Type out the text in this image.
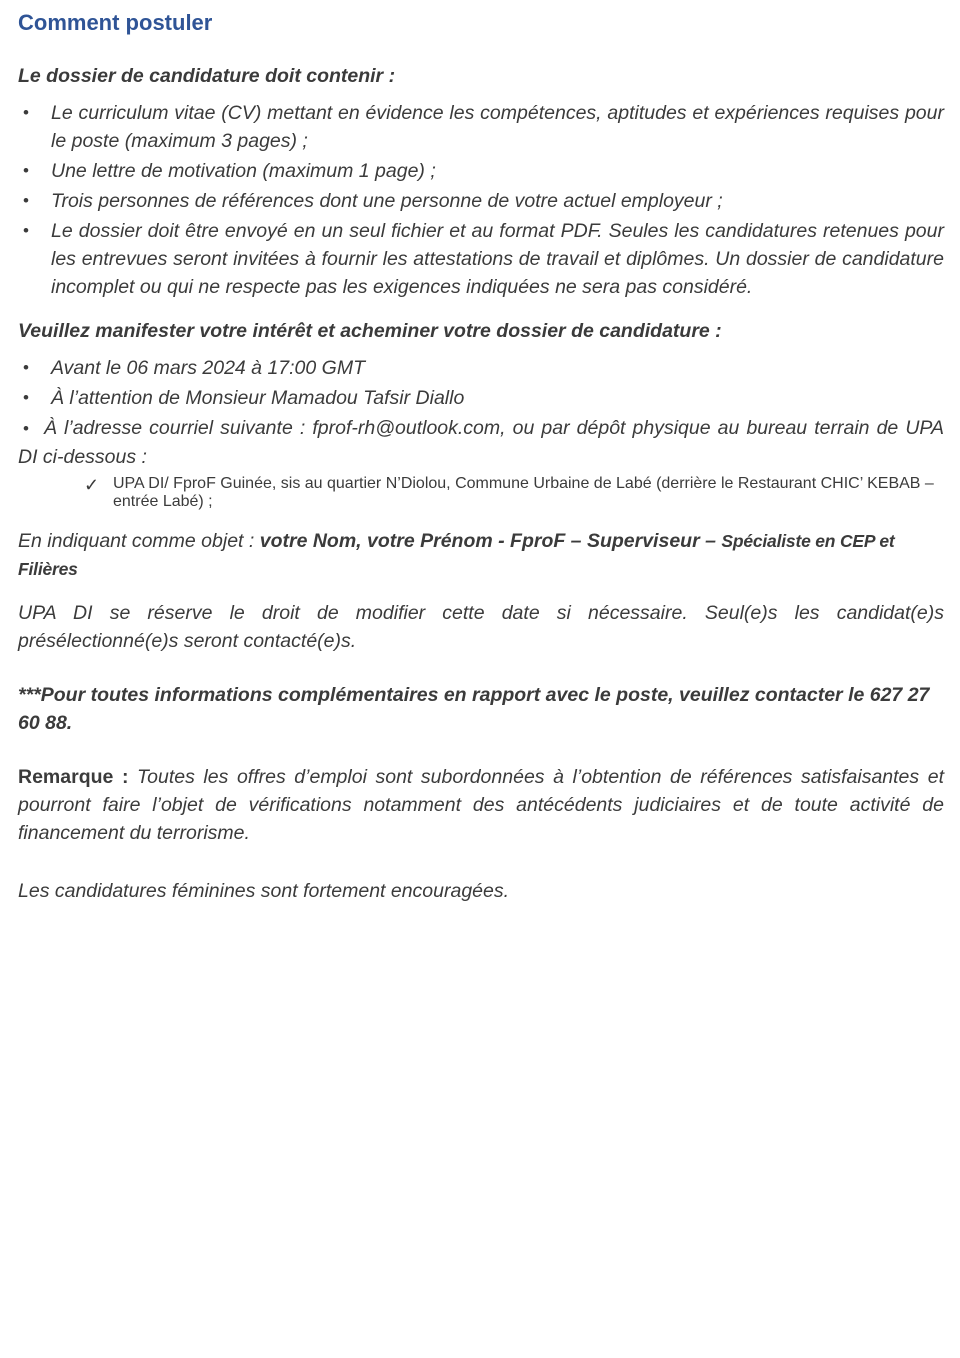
Comment postuler

Le dossier de candidature doit contenir :

• Le curriculum vitae (CV) mettant en évidence les compétences, aptitudes et expériences requises pour le poste (maximum 3 pages) ;
• Une lettre de motivation (maximum 1 page) ;
• Trois personnes de références dont une personne de votre actuel employeur ;
• Le dossier doit être envoyé en un seul fichier et au format PDF. Seules les candidatures retenues pour les entrevues seront invitées à fournir les attestations de travail et diplômes. Un dossier de candidature incomplet ou qui ne respecte pas les exigences indiquées ne sera pas considéré.

Veuillez manifester votre intérêt et acheminer votre dossier de candidature :

• Avant le 06 mars 2024 à 17:00 GMT
• À l’attention de Monsieur Mamadou Tafsir Diallo
• À l’adresse courriel suivante : fprof-rh@outlook.com, ou par dépôt physique au bureau terrain de UPA DI ci-dessous :
✓ UPA DI/ FproF Guinée, sis au quartier N’Diolou, Commune Urbaine de Labé (derrière le Restaurant CHIC’ KEBAB – entrée Labé) ;

En indiquant comme objet : votre Nom, votre Prénom - FproF – Superviseur – Spécialiste en CEP et Filières

UPA DI se réserve le droit de modifier cette date si nécessaire. Seul(e)s les candidat(e)s présélectionné(e)s seront contacté(e)s.

***Pour toutes informations complémentaires en rapport avec le poste, veuillez contacter le 627 27 60 88.

Remarque : Toutes les offres d’emploi sont subordonnées à l’obtention de références satisfaisantes et pourront faire l’objet de vérifications notamment des antécédents judiciaires et de toute activité de financement du terrorisme.

Les candidatures féminines sont fortement encouragées.
